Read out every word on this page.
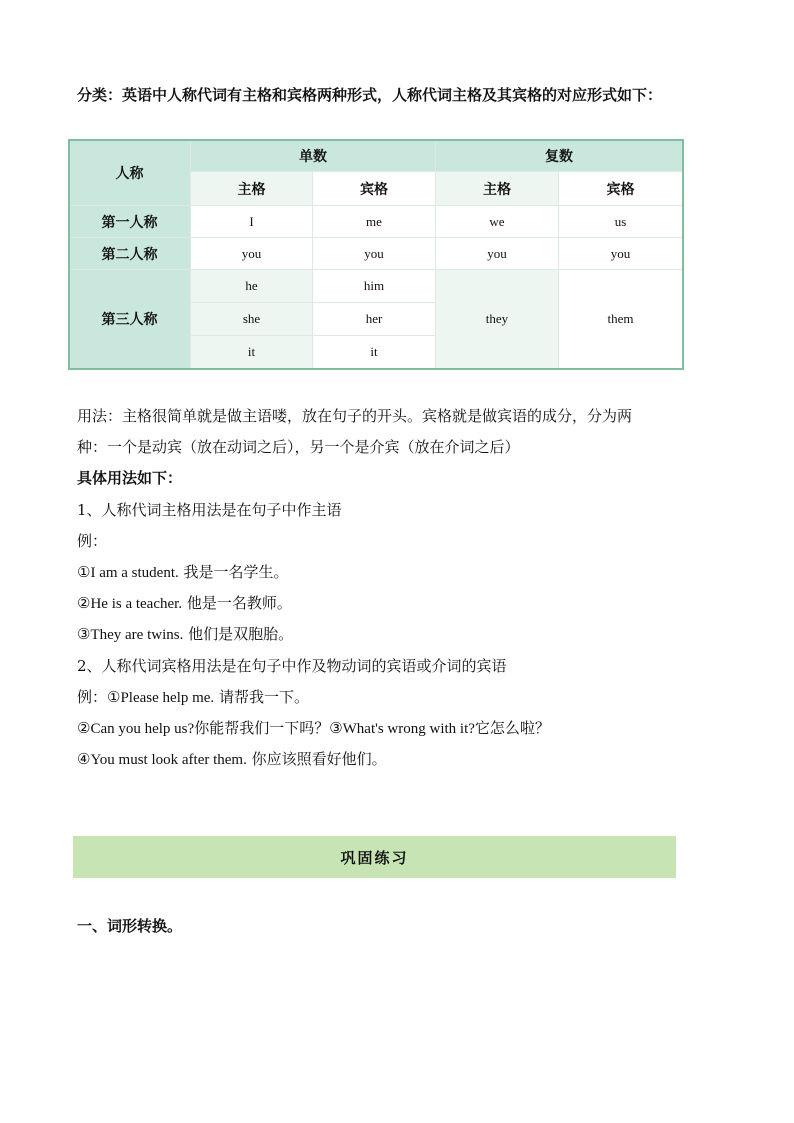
分类：英语中人称代词有主格和宾格两种形式，人称代词主格及其宾格的对应形式如下：
人称	单数		复数	
	主格	宾格	主格	宾格
第一人称	I	me	we	us
第二人称	you	you	you	you
第三人称	he	him	they	them
	she	her		
	it	it		
用法：主格很简单就是做主语喽，放在句子的开头。宾格就是做宾语的成分，分为两
种：一个是动宾（放在动词之后），另一个是介宾（放在介词之后）
具体用法如下：
1、人称代词主格用法是在句子中作主语
例：
①I am a student. 我是一名学生。
②He is a teacher. 他是一名教师。
③They are twins. 他们是双胞胎。
2、人称代词宾格用法是在句子中作及物动词的宾语或介词的宾语
例：①Please help me. 请帮我一下。
②Can you help us?你能帮我们一下吗？③What's wrong with it?它怎么啦？
④You must look after them. 你应该照看好他们。
巩固练习
一、词形转换。
